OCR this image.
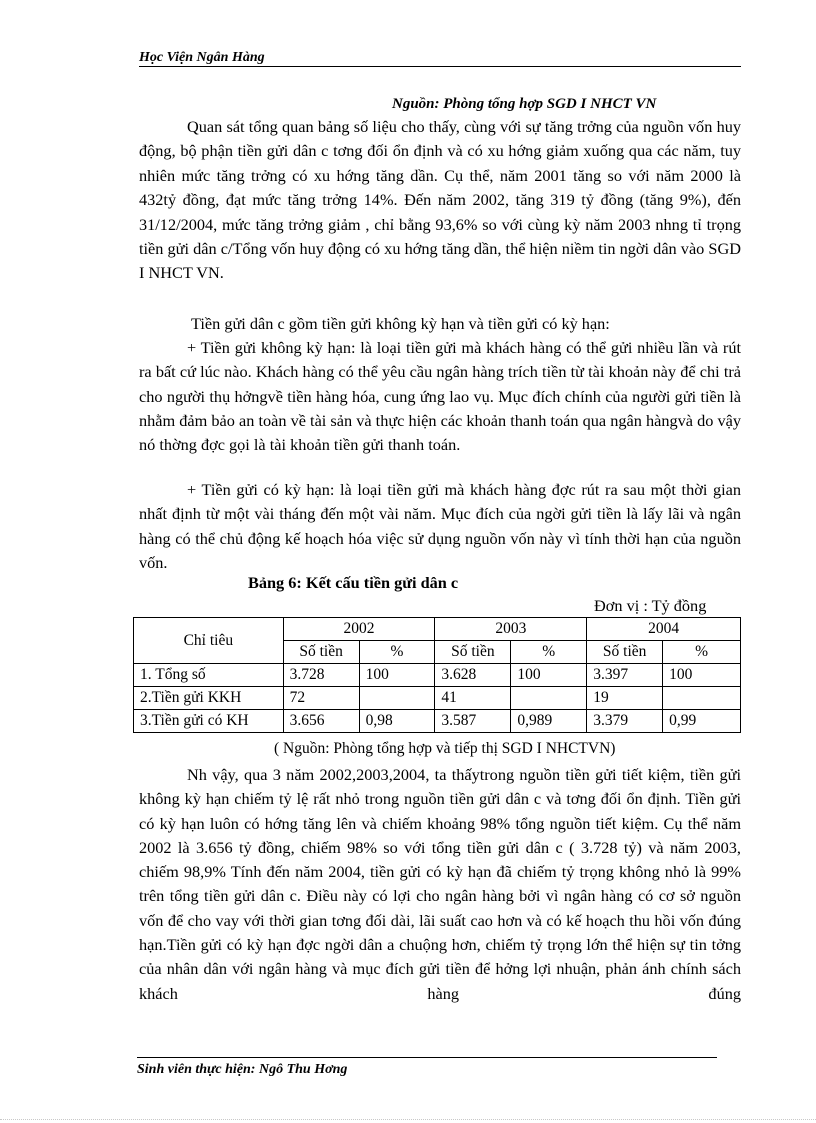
Học Viện Ngân Hàng
Nguồn: Phòng tổng hợp SGD I NHCT VN

Quan sát tổng quan bảng số liệu cho thấy, cùng với sự tăng trởng của nguồn vốn huy động, bộ phận tiền gửi dân c tơng đối ổn định và có xu hớng giảm xuống qua các năm, tuy nhiên mức tăng trởng có xu hớng tăng dần. Cụ thể, năm 2001 tăng so với năm 2000 là 432tỷ đồng, đạt mức tăng trởng 14%. Đến năm 2002, tăng 319 tỷ đồng (tăng 9%), đến 31/12/2004, mức tăng trởng giảm , chỉ bằng 93,6% so với cùng kỳ năm 2003 nhng tỉ trọng tiền gửi dân c/Tổng vốn huy động có xu hớng tăng dần, thể hiện niềm tin ngời dân vào SGD I NHCT VN.

Tiền gửi dân c gồm tiền gửi không kỳ hạn và tiền gửi có kỳ hạn:

+ Tiền gửi không kỳ hạn: là loại tiền gửi mà khách hàng có thể gửi nhiều lần và rút ra bất cứ lúc nào. Khách hàng có thể yêu cầu ngân hàng trích tiền từ tài khoản này để chi trả cho người thụ hởngvề tiền hàng hóa, cung ứng lao vụ. Mục đích chính của người gửi tiền là nhằm đảm bảo an toàn về tài sản và thực hiện các khoản thanh toán qua ngân hàngvà do vậy nó thờng đợc gọi là tài khoản tiền gửi thanh toán.

+ Tiền gửi có kỳ hạn: là loại tiền gửi mà khách hàng đợc rút ra sau một thời gian nhất định từ một vài tháng đến một vài năm. Mục đích của ngời gửi tiền là lấy lãi và ngân hàng có thể chủ động kế hoạch hóa việc sử dụng nguồn vốn này vì tính thời hạn của nguồn vốn.

Bảng 6: Kết cấu tiền gửi dân c
Đơn vị : Tỷ đồng
Chỉ tiêu	2002		2003		2004	
	Số tiền	%	Số tiền	%	Số tiền	%
1. Tổng số	3.728	100	3.628	100	3.397	100
2.Tiền gửi KKH	72		41		19	
3.Tiền gửi có KH	3.656	0,98	3.587	0,989	3.379	0,99
( Nguồn: Phòng tổng hợp và tiếp thị SGD I NHCTVN)

Nh vậy, qua 3 năm 2002,2003,2004, ta thấytrong nguồn tiền gửi tiết kiệm, tiền gửi không kỳ hạn chiếm tỷ lệ rất nhỏ trong nguồn tiền gửi dân c và tơng đối ổn định. Tiền gửi có kỳ hạn luôn có hớng tăng lên và chiếm khoảng 98% tổng nguồn tiết kiệm. Cụ thể năm 2002 là 3.656 tỷ đồng, chiếm 98% so với tổng tiền gửi dân c ( 3.728 tỷ) và năm 2003, chiếm 98,9% Tính đến năm 2004, tiền gửi có kỳ hạn đã chiếm tỷ trọng không nhỏ là 99% trên tổng tiền gửi dân c. Điều này có lợi cho ngân hàng bởi vì ngân hàng có cơ sở nguồn vốn để cho vay với thời gian tơng đối dài, lãi suất cao hơn và có kế hoạch thu hồi vốn đúng hạn.Tiền gửi có kỳ hạn đợc ngời dân a chuộng hơn, chiếm tỷ trọng lớn thể hiện sự tin tởng của nhân dân với ngân hàng và mục đích gửi tiền để hởng lợi nhuận, phản ánh chính sách khách hàng đúng

Sinh viên thực hiện: Ngô Thu Hơng
